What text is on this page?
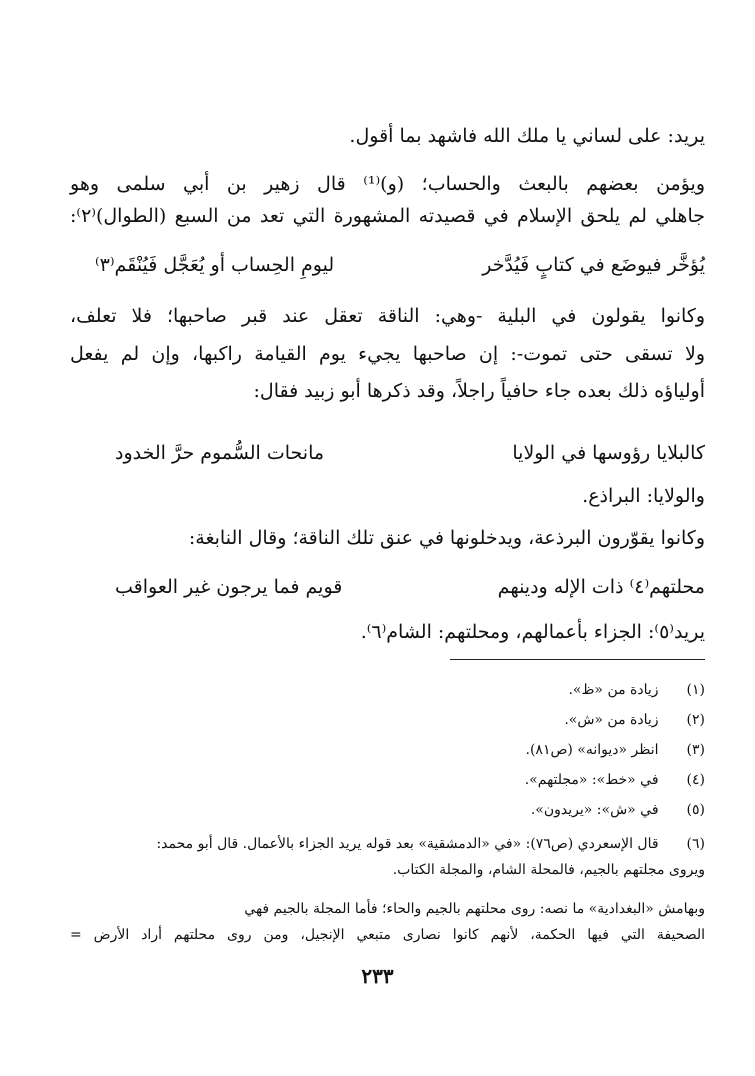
يريد: على لساني يا ملك الله فاشهد بما أقول.
ويؤمن بعضهم بالبعث والحساب؛ (و)⁽¹⁾ قال زهير بن أبي سلمى وهو
جاهلي لم يلحق الإسلام في قصيدته المشهورة التي تعد من السبع (الطوال)⁽٢⁾:
يُؤخَّر فيوضَع في كتابٍ فَيُدَّخر
ليومِ الحِساب أو يُعَجَّل فَيُنْقَم⁽٣⁾
وكانوا يقولون في البلية -وهي: الناقة تعقل عند قبر صاحبها؛ فلا تعلف،
ولا تسقى حتى تموت-: إن صاحبها يجيء يوم القيامة راكبها، وإن لم يفعل
أولياؤه ذلك بعده جاء حافياً راجلاً، وقد ذكرها أبو زبيد فقال:
كالبلايا رؤوسها في الولايا
مانحات السُّموم حرَّ الخدود
والولايا: البراذع.
وكانوا يقوّرون البرذعة، ويدخلونها في عنق تلك الناقة؛ وقال النابغة:
محلتهم⁽٤⁾ ذات الإله ودينهم
قويم فما يرجون غير العواقب
يريد⁽٥⁾: الجزاء بأعمالهم، ومحلتهم: الشام⁽٦⁾.
(١) زيادة من «ظ».
(٢) زيادة من «ش».
(٣) انظر «ديوانه» (ص٨١).
(٤) في «خط»: «مجلتهم».
(٥) في «ش»: «يريدون».
(٦) قال الإسعردي (ص٧٦): «في «الدمشقية» بعد قوله يريد الجزاء بالأعمال. قال أبو محمد:
ويروى مجلتهم بالجيم، فالمحلة الشام، والمجلة الكتاب.
وبهامش «البغدادية» ما نصه: روى محلتهم بالجيم والحاء؛ فأما المجلة بالجيم فهي
الصحيفة التي فيها الحكمة، لأنهم كانوا نصارى متبعي الإنجيل، ومن روى محلتهم أراد الأرض =
٢٣٣
